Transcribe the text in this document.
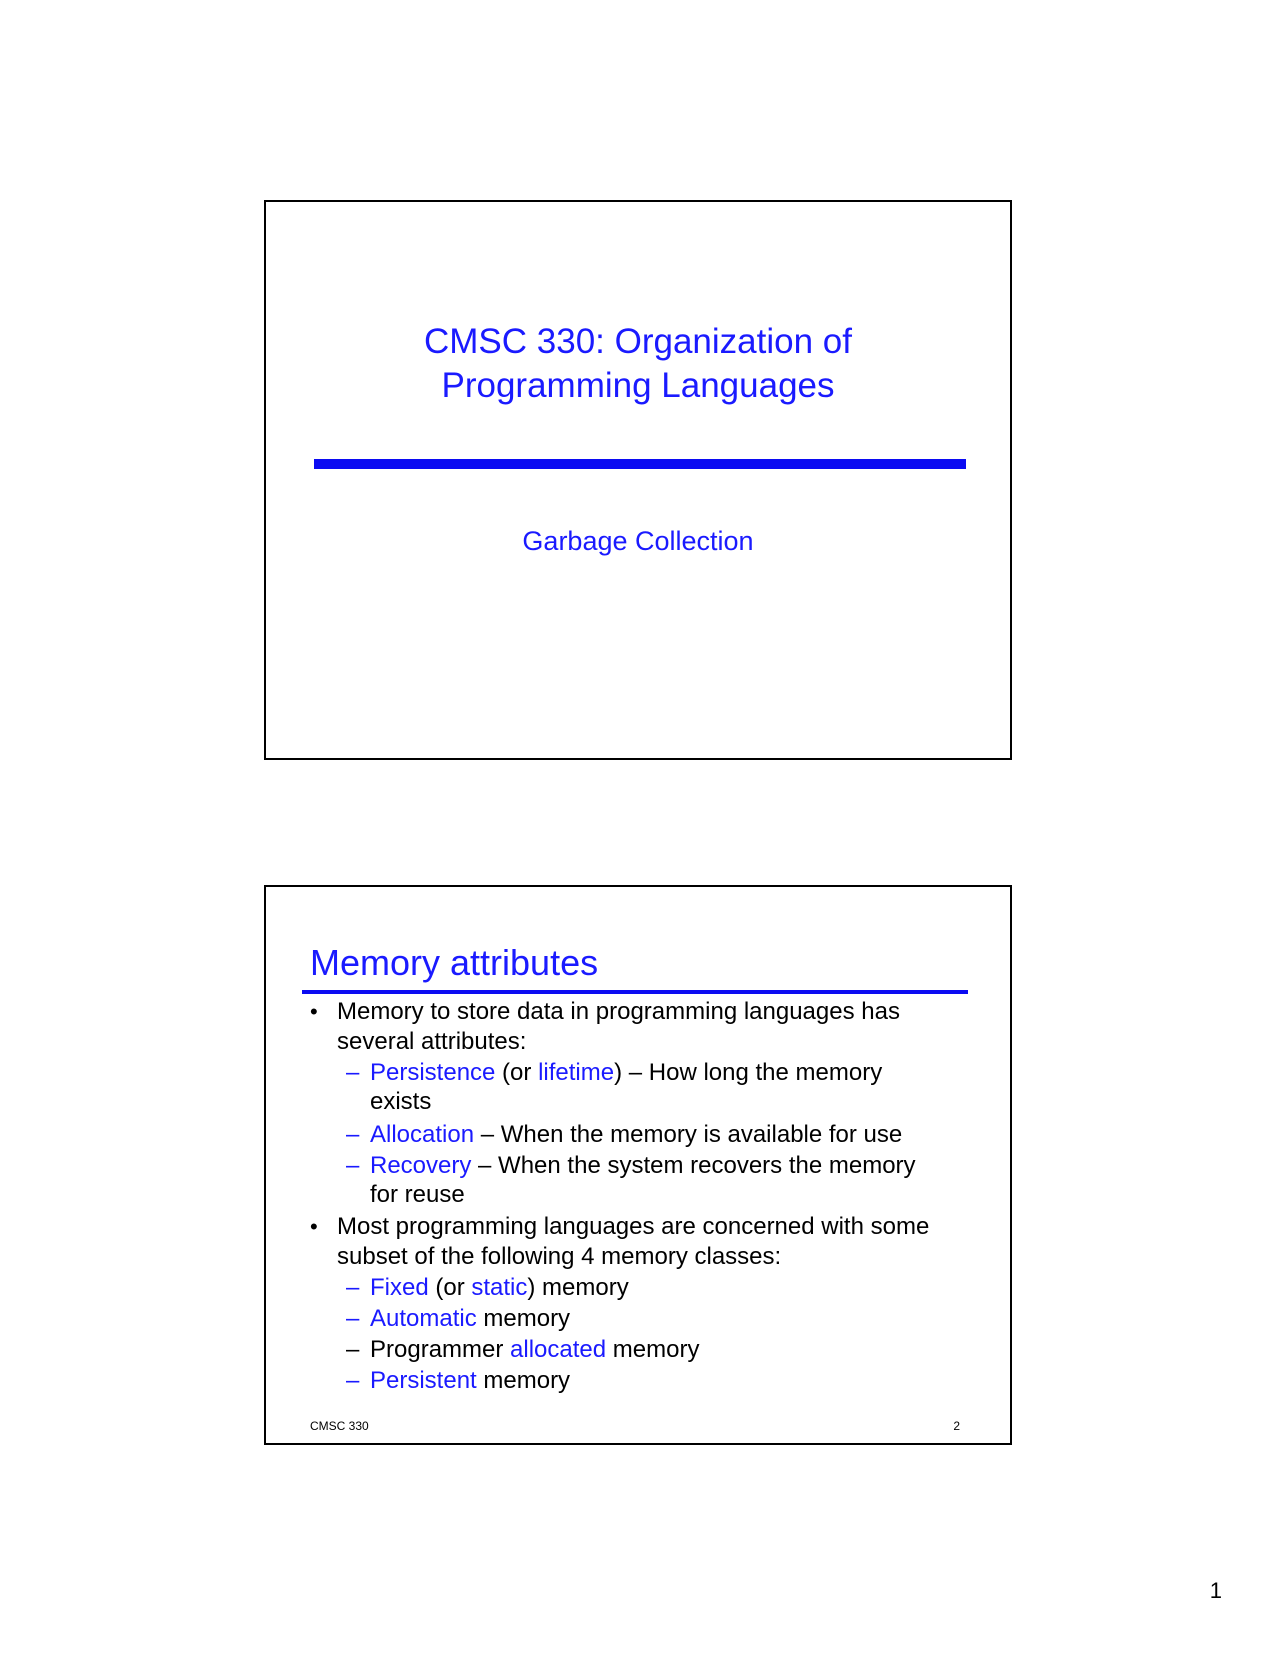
CMSC 330: Organization of
Programming Languages
Garbage Collection
Memory attributes
• Memory to store data in programming languages has
several attributes:
– Persistence (or lifetime) – How long the memory
exists
– Allocation – When the memory is available for use
– Recovery – When the system recovers the memory
for reuse
• Most programming languages are concerned with some
subset of the following 4 memory classes:
– Fixed (or static) memory
– Automatic memory
– Programmer allocated memory
– Persistent memory
CMSC 330	2
1
